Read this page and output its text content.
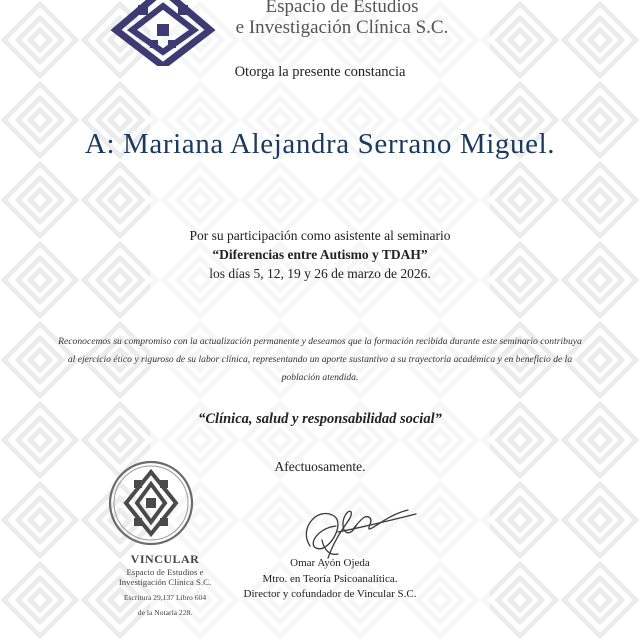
Espacio de Estudios
e Investigación Clínica S.C.
Otorga la presente constancia
A: Mariana Alejandra Serrano Miguel.
Por su participación como asistente al seminario
“Diferencias entre Autismo y TDAH”
los días 5, 12, 19 y 26 de marzo de 2026.
Reconocemos su compromiso con la actualización permanente y deseamos que la formación recibida durante este seminario contribuya al ejercicio ético y riguroso de su labor clínica, representando un aporte sustantivo a su trayectoria académica y en beneficio de la población atendida.
“Clínica, salud y responsabilidad social”
Afectuosamente.
VINCULAR
Espacio de Estudios e
Investigación Clínica S.C.
Escritura 29,137 Libro 604
de la Notaría 228.
Omar Ayón Ojeda
Mtro. en Teoría Psicoanalítica.
Director y cofundador de Vincular S.C.
